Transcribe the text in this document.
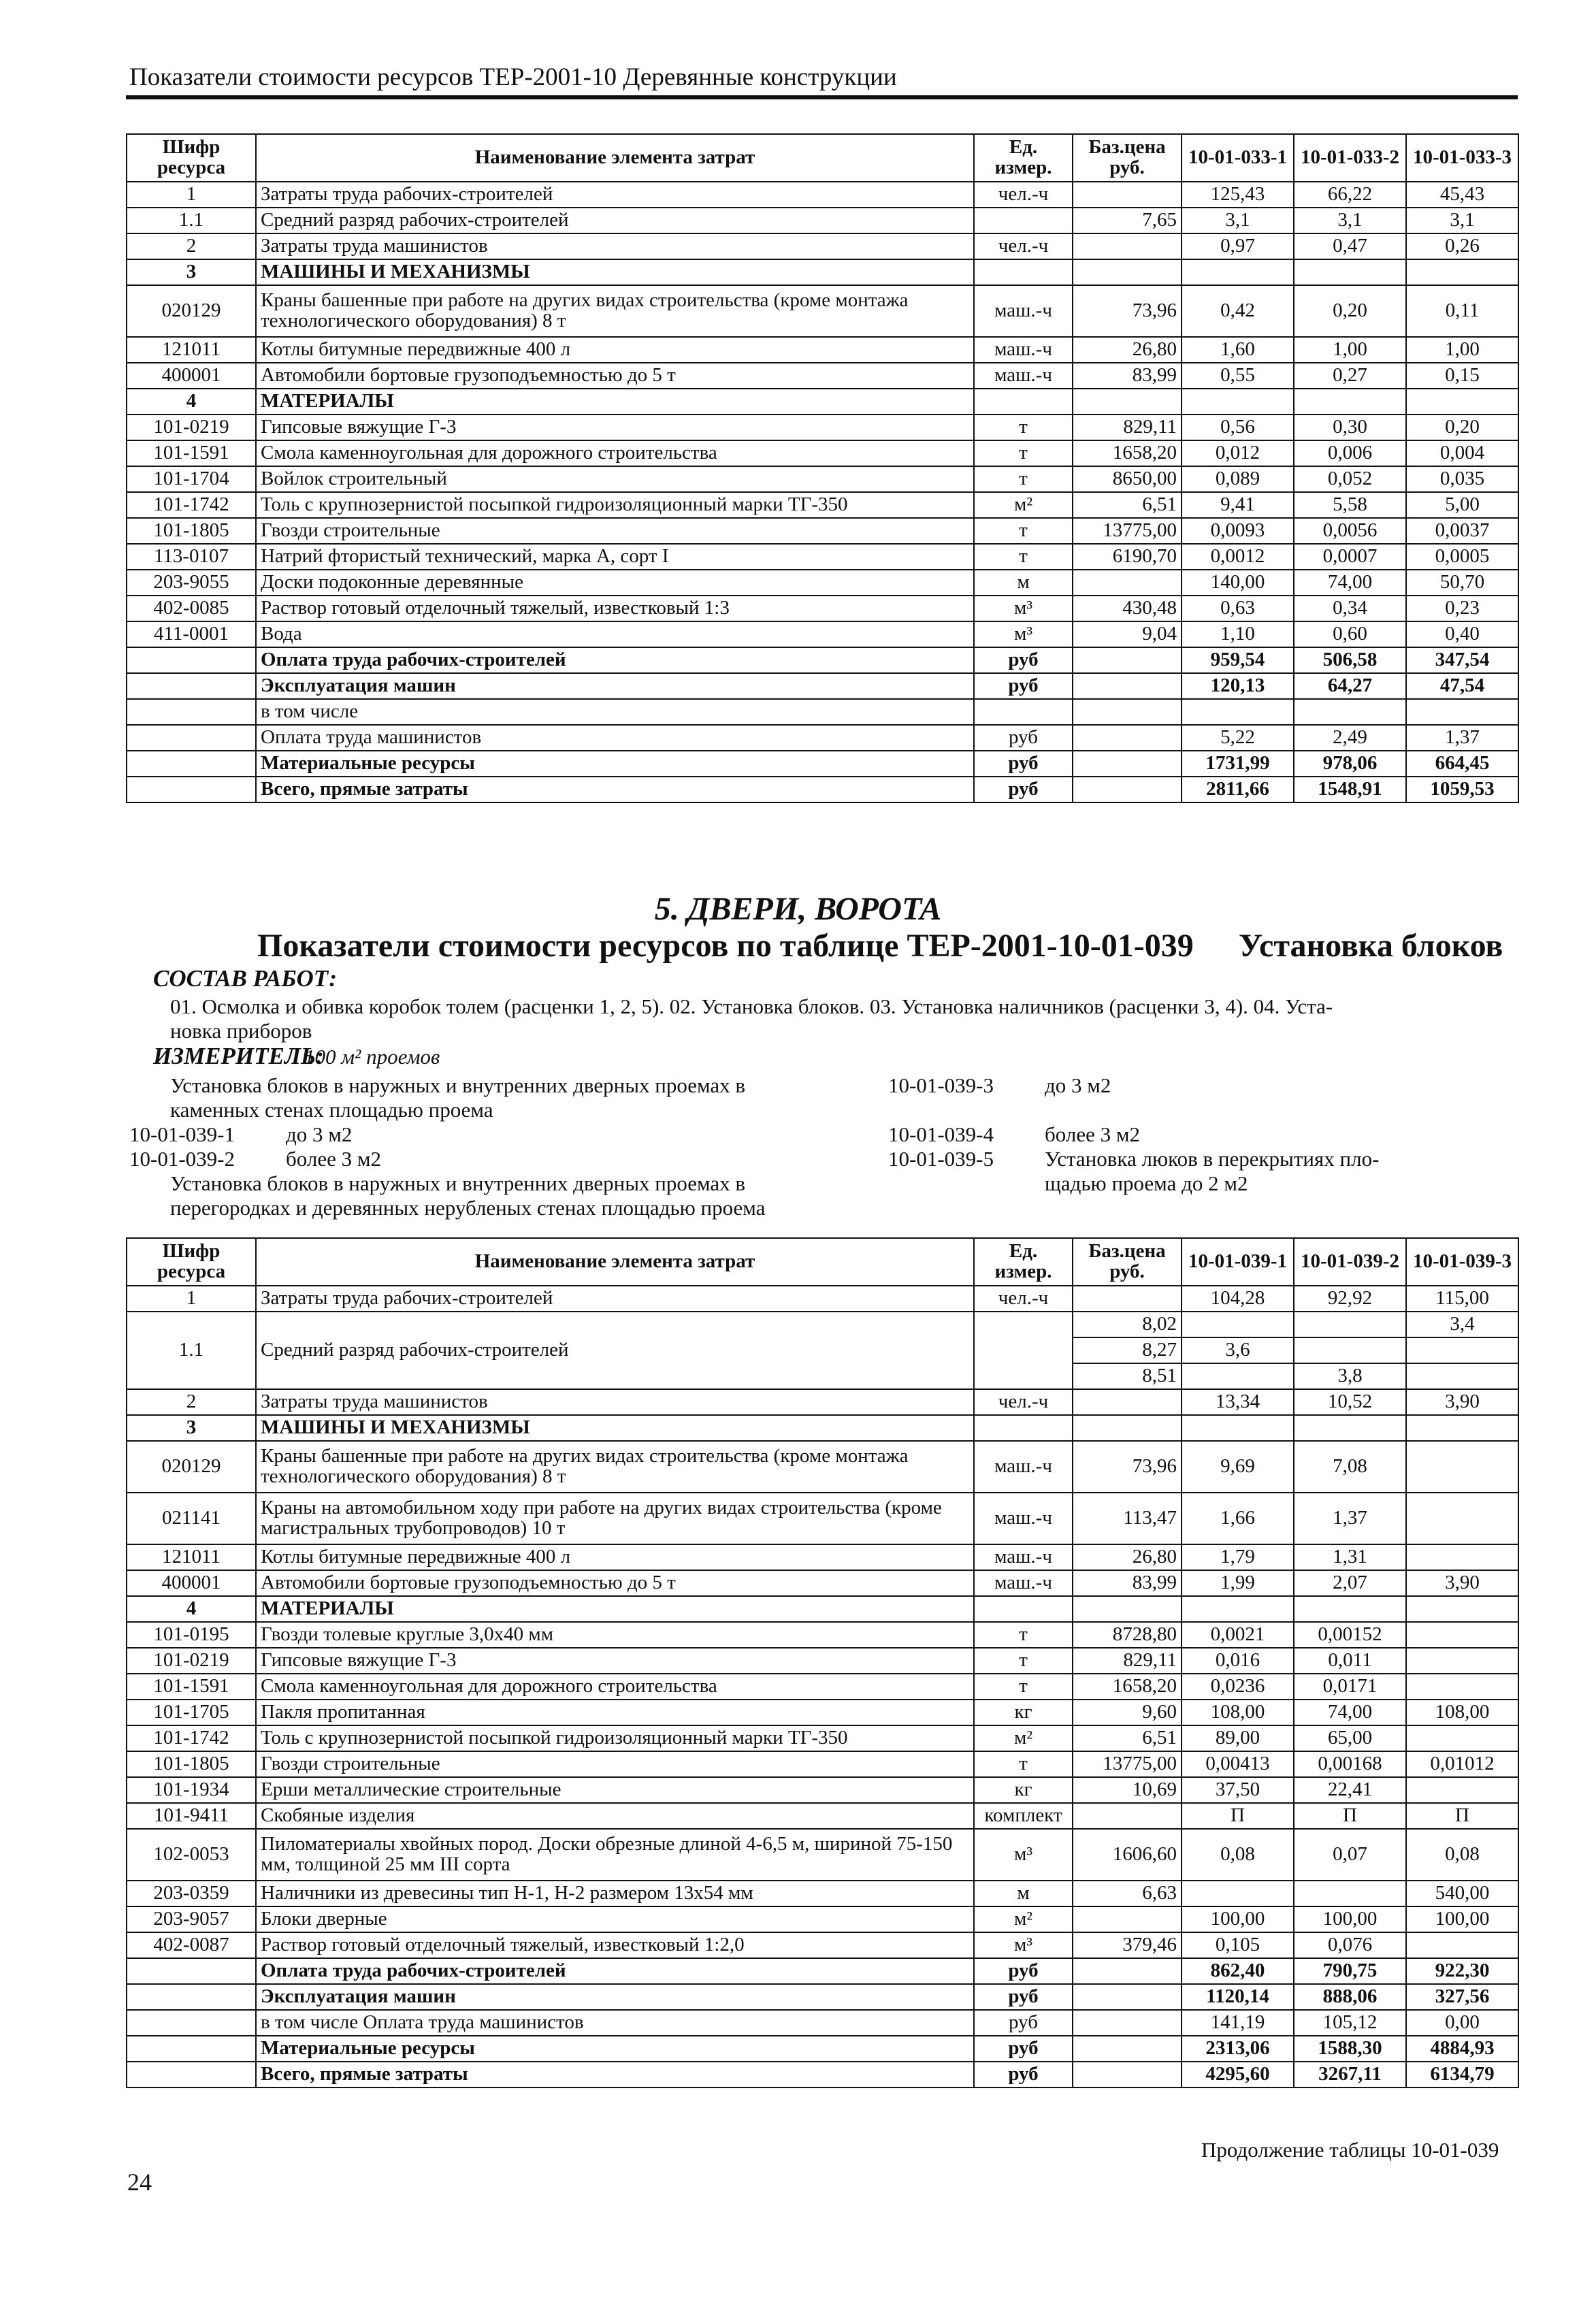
Показатели стоимости ресурсов ТЕР-2001-10 Деревянные конструкции
Шифр ресурса	Наименование элемента затрат	Ед. измер.	Баз.цена руб.	10-01-033-1	10-01-033-2	10-01-033-3
1	Затраты труда рабочих-строителей	чел.-ч		125,43	66,22	45,43
1.1	Средний разряд рабочих-строителей		7,65	3,1	3,1	3,1
2	Затраты труда машинистов	чел.-ч		0,97	0,47	0,26
3	МАШИНЫ И МЕХАНИЗМЫ					
020129	Краны башенные при работе на других видах строительства (кроме монтажа технологического оборудования) 8 т	маш.-ч	73,96	0,42	0,20	0,11
121011	Котлы битумные передвижные 400 л	маш.-ч	26,80	1,60	1,00	1,00
400001	Автомобили бортовые грузоподъемностью до 5 т	маш.-ч	83,99	0,55	0,27	0,15
4	МАТЕРИАЛЫ					
101-0219	Гипсовые вяжущие Г-3	т	829,11	0,56	0,30	0,20
101-1591	Смола каменноугольная для дорожного строительства	т	1658,20	0,012	0,006	0,004
101-1704	Войлок строительный	т	8650,00	0,089	0,052	0,035
101-1742	Толь с крупнозернистой посыпкой гидроизоляционный марки ТГ-350	м²	6,51	9,41	5,58	5,00
101-1805	Гвозди строительные	т	13775,00	0,0093	0,0056	0,0037
113-0107	Натрий фтористый технический, марка А, сорт I	т	6190,70	0,0012	0,0007	0,0005
203-9055	Доски подоконные деревянные	м		140,00	74,00	50,70
402-0085	Раствор готовый отделочный тяжелый, известковый 1:3	м³	430,48	0,63	0,34	0,23
411-0001	Вода	м³	9,04	1,10	0,60	0,40
	Оплата труда рабочих-строителей	руб		959,54	506,58	347,54
	Эксплуатация машин	руб		120,13	64,27	47,54
	в том числе					
	Оплата труда машинистов	руб		5,22	2,49	1,37
	Материальные ресурсы	руб		1731,99	978,06	664,45
	Всего, прямые затраты	руб		2811,66	1548,91	1059,53
5. ДВЕРИ, ВОРОТА
Показатели стоимости ресурсов по таблице ТЕР-2001-10-01-039 Установка блоков
СОСТАВ РАБОТ:
01. Осмолка и обивка коробок толем (расценки 1, 2, 5). 02. Установка блоков. 03. Установка наличников (расценки 3, 4). 04. Уста-
новка приборов
ИЗМЕРИТЕЛЬ:
100 м² проемов
Установка блоков в наружных и внутренних дверных проемах в
каменных стенах площадью проема
10-01-039-1 до 3 м2
10-01-039-2 более 3 м2
Установка блоков в наружных и внутренних дверных проемах в
перегородках и деревянных нерубленых стенах площадью проема
10-01-039-3 до 3 м2
10-01-039-4 более 3 м2
10-01-039-5 Установка люков в перекрытиях пло-
щадью проема до 2 м2
Шифр ресурса	Наименование элемента затрат	Ед. измер.	Баз.цена руб.	10-01-039-1	10-01-039-2	10-01-039-3
1	Затраты труда рабочих-строителей	чел.-ч		104,28	92,92	115,00
1.1	Средний разряд рабочих-строителей		8,02			3,4
			8,27	3,6		
			8,51		3,8	
2	Затраты труда машинистов	чел.-ч		13,34	10,52	3,90
3	МАШИНЫ И МЕХАНИЗМЫ					
020129	Краны башенные при работе на других видах строительства (кроме монтажа технологического оборудования) 8 т	маш.-ч	73,96	9,69	7,08	
021141	Краны на автомобильном ходу при работе на других видах строительства (кроме магистральных трубопроводов) 10 т	маш.-ч	113,47	1,66	1,37	
121011	Котлы битумные передвижные 400 л	маш.-ч	26,80	1,79	1,31	
400001	Автомобили бортовые грузоподъемностью до 5 т	маш.-ч	83,99	1,99	2,07	3,90
4	МАТЕРИАЛЫ					
101-0195	Гвозди толевые круглые 3,0х40 мм	т	8728,80	0,0021	0,00152	
101-0219	Гипсовые вяжущие Г-3	т	829,11	0,016	0,011	
101-1591	Смола каменноугольная для дорожного строительства	т	1658,20	0,0236	0,0171	
101-1705	Пакля пропитанная	кг	9,60	108,00	74,00	108,00
101-1742	Толь с крупнозернистой посыпкой гидроизоляционный марки ТГ-350	м²	6,51	89,00	65,00	
101-1805	Гвозди строительные	т	13775,00	0,00413	0,00168	0,01012
101-1934	Ерши металлические строительные	кг	10,69	37,50	22,41	
101-9411	Скобяные изделия	комплект		П	П	П
102-0053	Пиломатериалы хвойных пород. Доски обрезные длиной 4-6,5 м, шириной 75-150 мм, толщиной 25 мм III сорта	м³	1606,60	0,08	0,07	0,08
203-0359	Наличники из древесины тип Н-1, Н-2 размером 13х54 мм	м	6,63			540,00
203-9057	Блоки дверные	м²		100,00	100,00	100,00
402-0087	Раствор готовый отделочный тяжелый, известковый 1:2,0	м³	379,46	0,105	0,076	
	Оплата труда рабочих-строителей	руб		862,40	790,75	922,30
	Эксплуатация машин	руб		1120,14	888,06	327,56
	в том числе Оплата труда машинистов	руб		141,19	105,12	0,00
	Материальные ресурсы	руб		2313,06	1588,30	4884,93
	Всего, прямые затраты	руб		4295,60	3267,11	6134,79
Продолжение таблицы 10-01-039
24
